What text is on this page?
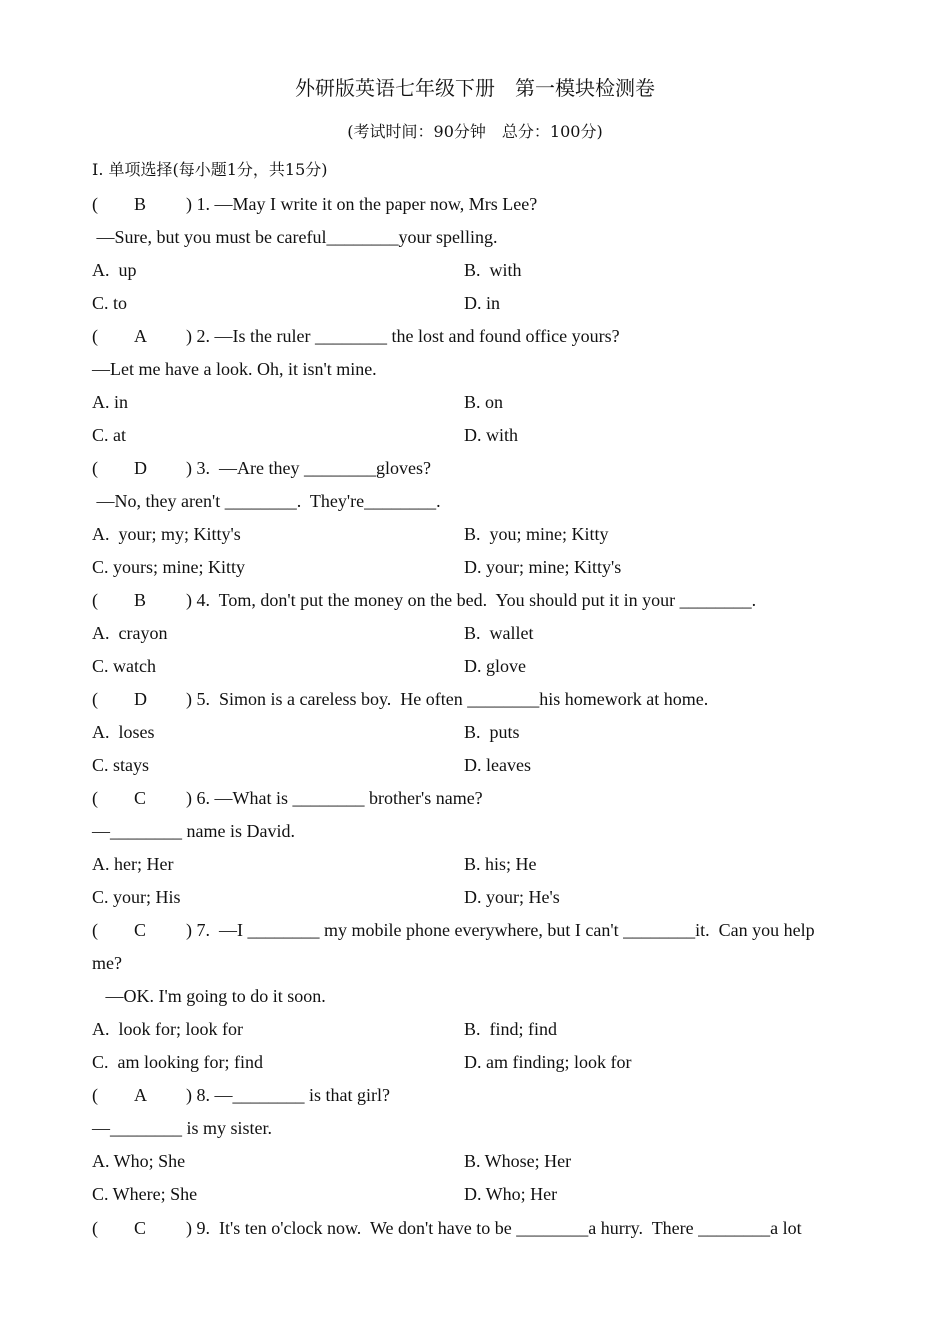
外研版英语七年级下册　第一模块检测卷
(考试时间：90分钟　总分：100分)
Ⅰ. 单项选择(每小题1分，共15分)
( B ) 1. —May I write it on the paper now, Mrs Lee?
—Sure, but you must be careful________your spelling.
A.  up	B.  with
C. to	D. in
( A ) 2. —Is the ruler ________ the lost and found office yours?
—Let me have a look. Oh, it isn't mine.
A. in	B. on
C. at	D. with
( D ) 3.  —Are they ________gloves?
—No, they aren't ________.  They're________.
A.  your; my; Kitty's	B.  you; mine; Kitty
C. yours; mine; Kitty	D. your; mine; Kitty's
( B ) 4.  Tom, don't put the money on the bed.  You should put it in your ________.
A.  crayon	B.  wallet
C. watch	D. glove
( D ) 5.  Simon is a careless boy.  He often ________his homework at home.
A.  loses	B.  puts
C. stays	D. leaves
( C ) 6. —What is ________ brother's name?
—________ name is David.
A. her; Her	B. his; He
C. your; His	D. your; He's
( C ) 7.  —I ________ my mobile phone everywhere, but I can't ________it.  Can you help
me?
—OK. I'm going to do it soon.
A.  look for; look for	B.  find; find
C.  am looking for; find	D. am finding; look for
( A ) 8. —________ is that girl?
—________ is my sister.
A. Who; She	B. Whose; Her
C. Where; She	D. Who; Her
( C ) 9.  It's ten o'clock now.  We don't have to be ________a hurry.  There ________a lot
